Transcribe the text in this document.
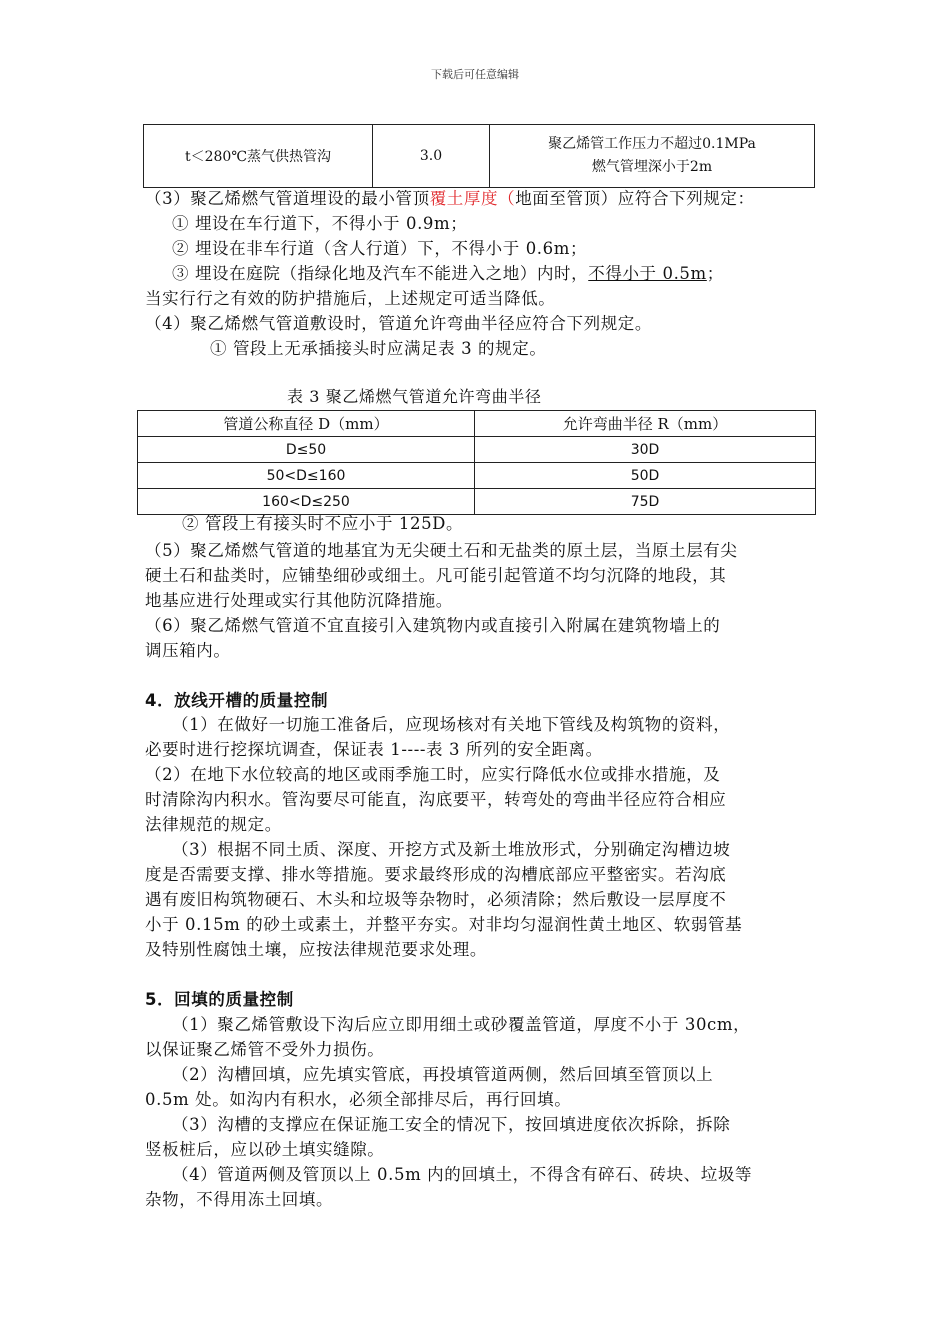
下载后可任意编辑
t＜280℃蒸气供热管沟	3.0	
聚乙烯管工作压力不超过0.1MPa
燃气管埋深小于2m
（3）聚乙烯燃气管道埋设的最小管顶覆土厚度（地面至管顶）应符合下列规定：
① 埋设在车行道下，不得小于 0.9m；
② 埋设在非车行道（含人行道）下，不得小于 0.6m；
③ 埋设在庭院（指绿化地及汽车不能进入之地）内时，不得小于 0.5m；
当实行行之有效的防护措施后，上述规定可适当降低。
（4）聚乙烯燃气管道敷设时，管道允许弯曲半径应符合下列规定。
① 管段上无承插接头时应满足表 3 的规定。
表 3 聚乙烯燃气管道允许弯曲半径
管道公称直径 D（mm）	允许弯曲半径 R（mm）
D≤50	30D
50<D≤160	50D
160<D≤250	75D
② 管段上有接头时不应小于 125D。
（5）聚乙烯燃气管道的地基宜为无尖硬土石和无盐类的原土层，当原土层有尖
硬土石和盐类时，应铺垫细砂或细土。凡可能引起管道不均匀沉降的地段，其
地基应进行处理或实行其他防沉降措施。
（6）聚乙烯燃气管道不宜直接引入建筑物内或直接引入附属在建筑物墙上的
调压箱内。
4．放线开槽的质量控制
（1）在做好一切施工准备后，应现场核对有关地下管线及构筑物的资料，
必要时进行挖探坑调查，保证表 1----表 3 所列的安全距离。
（2）在地下水位较高的地区或雨季施工时，应实行降低水位或排水措施，及
时清除沟内积水。管沟要尽可能直，沟底要平，转弯处的弯曲半径应符合相应
法律规范的规定。
（3）根据不同土质、深度、开挖方式及新土堆放形式，分别确定沟槽边坡
度是否需要支撑、排水等措施。要求最终形成的沟槽底部应平整密实。若沟底
遇有废旧构筑物硬石、木头和垃圾等杂物时，必须清除；然后敷设一层厚度不
小于 0.15m 的砂土或素土，并整平夯实。对非均匀湿润性黄土地区、软弱管基
及特别性腐蚀土壤，应按法律规范要求处理。
5．回填的质量控制
（1）聚乙烯管敷设下沟后应立即用细土或砂覆盖管道，厚度不小于 30cm，
以保证聚乙烯管不受外力损伤。
（2）沟槽回填，应先填实管底，再投填管道两侧，然后回填至管顶以上
0.5m 处。如沟内有积水，必须全部排尽后，再行回填。
（3）沟槽的支撑应在保证施工安全的情况下，按回填进度依次拆除，拆除
竖板桩后，应以砂土填实缝隙。
（4）管道两侧及管顶以上 0.5m 内的回填土，不得含有碎石、砖块、垃圾等
杂物，不得用冻土回填。
